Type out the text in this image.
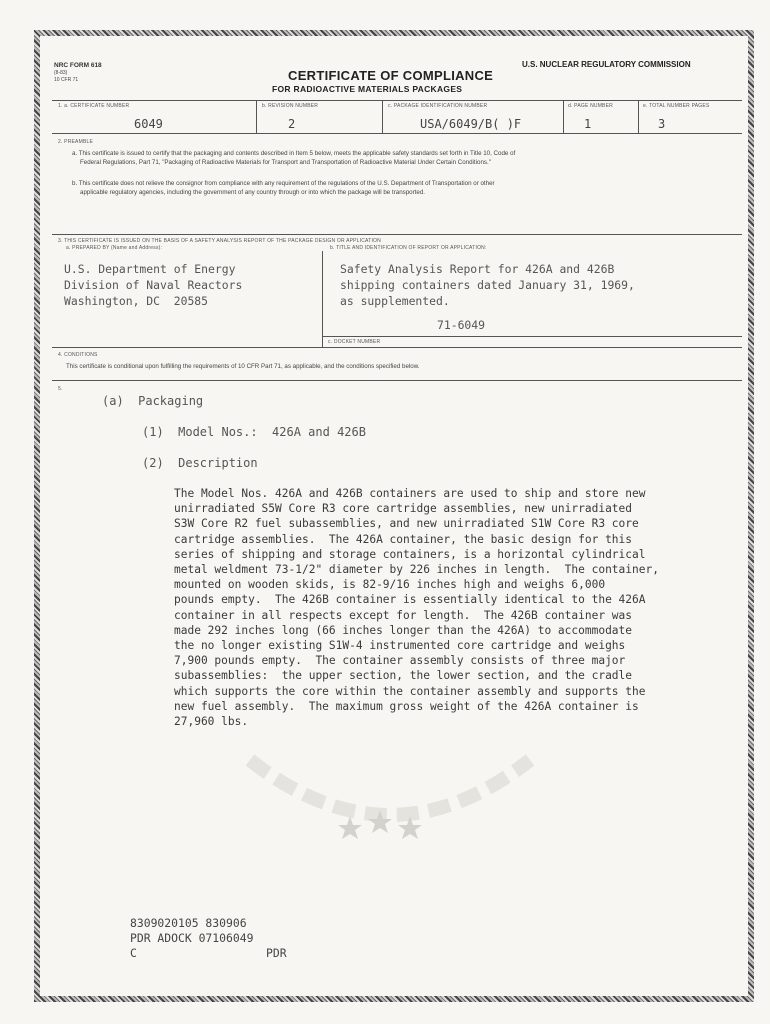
NRC FORM 618
(8-83)
10 CFR 71	CERTIFICATE OF COMPLIANCE
FOR RADIOACTIVE MATERIALS PACKAGES
U.S. NUCLEAR REGULATORY COMMISSION
1. a. CERTIFICATE NUMBER
6049
b. REVISION NUMBER
2
c. PACKAGE IDENTIFICATION NUMBER
USA/6049/B( )F
d. PAGE NUMBER
1
e. TOTAL NUMBER PAGES
3
2. PREAMBLE
a. This certificate is issued to certify that the packaging and contents described in Item 5 below, meets the applicable safety standards set forth in Title 10, Code of
Federal Regulations, Part 71, "Packaging of Radioactive Materials for Transport and Transportation of Radioactive Material Under Certain Conditions."
b. This certificate does not relieve the consignor from compliance with any requirement of the regulations of the U.S. Department of Transportation or other
applicable regulatory agencies, including the government of any country through or into which the package will be transported.
3. THIS CERTIFICATE IS ISSUED ON THE BASIS OF A SAFETY ANALYSIS REPORT OF THE PACKAGE DESIGN OR APPLICATION
a. PREPARED BY (Name and Address):	b. TITLE AND IDENTIFICATION OF REPORT OR APPLICATION:
U.S. Department of Energy
Division of Naval Reactors
Washington, DC  20585
Safety Analysis Report for 426A and 426B
shipping containers dated January 31, 1969,
as supplemented.
71-6049
c. DOCKET NUMBER
4. CONDITIONS
This certificate is conditional upon fulfilling the requirements of 10 CFR Part 71, as applicable, and the conditions specified below.
5.
(a)  Packaging
(1)  Model Nos.:  426A and 426B
(2)  Description
The Model Nos. 426A and 426B containers are used to ship and store new
unirradiated S5W Core R3 core cartridge assemblies, new unirradiated
S3W Core R2 fuel subassemblies, and new unirradiated S1W Core R3 core
cartridge assemblies.  The 426A container, the basic design for this
series of shipping and storage containers, is a horizontal cylindrical
metal weldment 73-1/2" diameter by 226 inches in length.  The container,
mounted on wooden skids, is 82-9/16 inches high and weighs 6,000
pounds empty.  The 426B container is essentially identical to the 426A
container in all respects except for length.  The 426B container was
made 292 inches long (66 inches longer than the 426A) to accommodate
the no longer existing S1W-4 instrumented core cartridge and weighs
7,900 pounds empty.  The container assembly consists of three major
subassemblies:  the upper section, the lower section, and the cradle
which supports the core within the container assembly and supports the
new fuel assembly.  The maximum gross weight of the 426A container is
27,960 lbs.
8309020105 830906
PDR ADOCK 07106049
C	PDR
